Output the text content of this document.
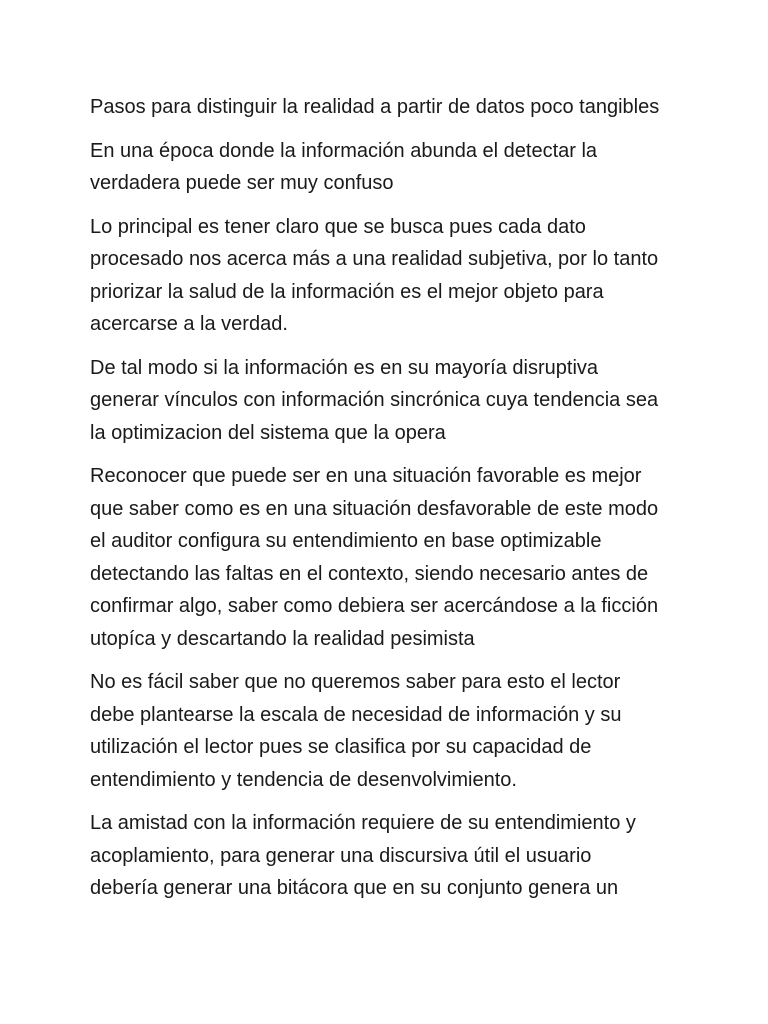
Pasos para distinguir la realidad a partir de datos poco tangibles

En una época donde la información abunda el detectar la
verdadera puede ser muy confuso

Lo principal es tener claro que se busca pues cada dato
procesado nos acerca más a una realidad subjetiva, por lo tanto
priorizar la salud de la información es el mejor objeto para
acercarse a la verdad.

De tal modo si la información es en su mayoría disruptiva
generar vínculos con información sincrónica cuya tendencia sea
la optimizacion del sistema que la opera

Reconocer que puede ser en una situación favorable es mejor
que saber como es en una situación desfavorable de este modo
el auditor configura su entendimiento en base optimizable
detectando las faltas en el contexto, siendo necesario antes de
confirmar algo, saber como debiera ser acercándose a la ficción
utopíca y descartando la realidad pesimista

No es fácil saber que no queremos saber para esto el lector
debe plantearse la escala de necesidad de información y su
utilización el lector pues se clasifica por su capacidad de
entendimiento y tendencia de desenvolvimiento.

La amistad con la información requiere de su entendimiento y
acoplamiento, para generar una discursiva útil el usuario
debería generar una bitácora que en su conjunto genera un
